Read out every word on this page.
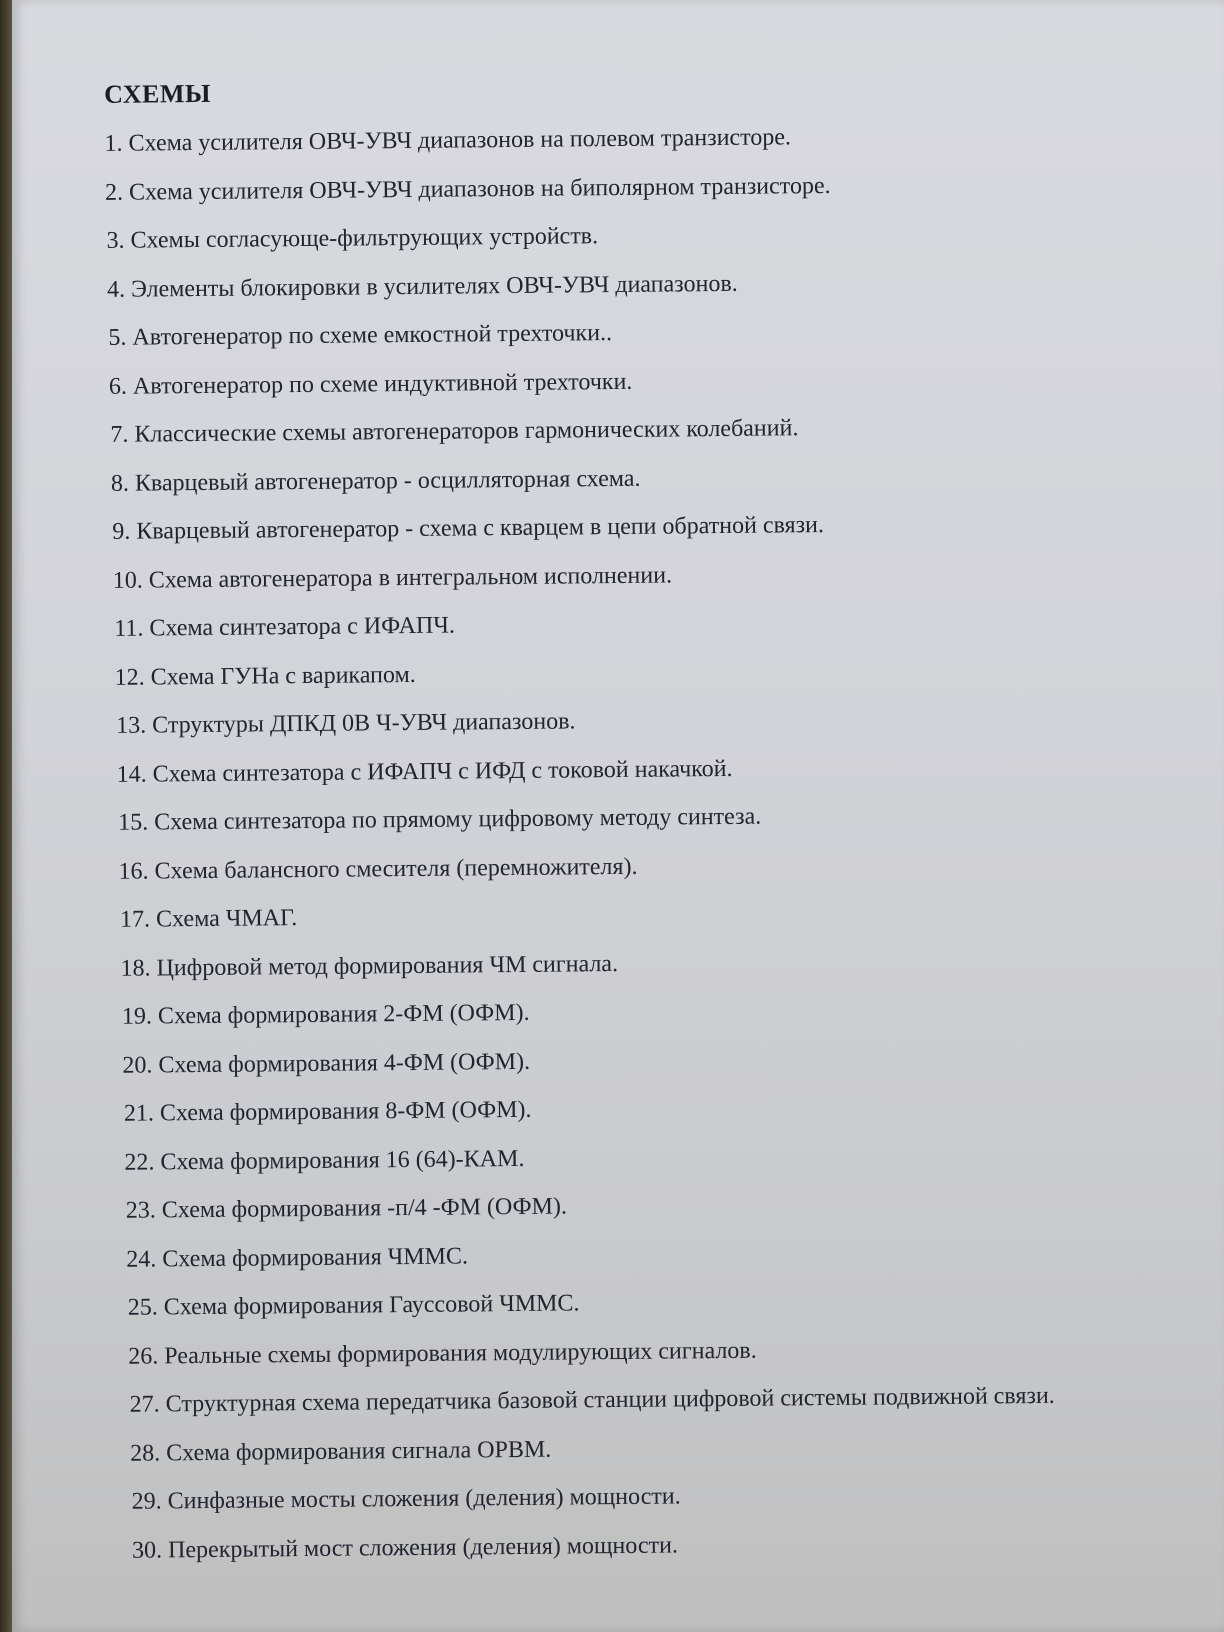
СХЕМЫ
1. Схема усилителя ОВЧ-УВЧ диапазонов на полевом транзисторе.
2. Схема усилителя ОВЧ-УВЧ диапазонов на биполярном транзисторе.
3. Схемы согласующе-фильтрующих устройств.
4. Элементы блокировки в усилителях ОВЧ-УВЧ диапазонов.
5. Автогенератор по схеме емкостной трехточки..
6. Автогенератор по схеме индуктивной трехточки.
7. Классические схемы автогенераторов гармонических колебаний.
8. Кварцевый автогенератор - осцилляторная схема.
9. Кварцевый автогенератор - схема с кварцем в цепи обратной связи.
10. Схема автогенератора в интегральном исполнении.
11. Схема синтезатора с ИФАПЧ.
12. Схема ГУНа с варикапом.
13. Структуры ДПКД 0В Ч-УВЧ диапазонов.
14. Схема синтезатора с ИФАПЧ с ИФД с токовой накачкой.
15. Схема синтезатора по прямому цифровому методу синтеза.
16. Схема балансного смесителя (перемножителя).
17. Схема ЧМАГ.
18. Цифровой метод формирования ЧМ сигнала.
19. Схема формирования 2-ФМ (ОФМ).
20. Схема формирования 4-ФМ (ОФМ).
21. Схема формирования 8-ФМ (ОФМ).
22. Схема формирования 16 (64)-КАМ.
23. Схема формирования -п/4 -ФМ (ОФМ).
24. Схема формирования ЧММС.
25. Схема формирования Гауссовой ЧММС.
26. Реальные схемы формирования модулирующих сигналов.
27. Структурная схема передатчика базовой станции цифровой системы подвижной связи.
28. Схема формирования сигнала ОРВМ.
29. Синфазные мосты сложения (деления) мощности.
30. Перекрытый мост сложения (деления) мощности.
